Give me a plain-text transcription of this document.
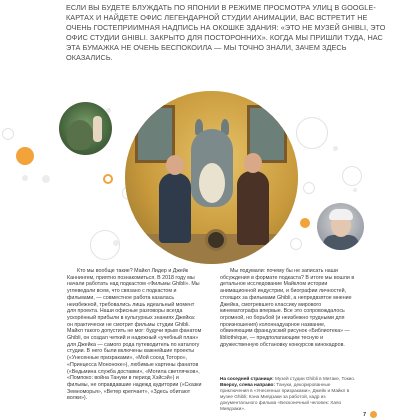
ЕСЛИ ВЫ БУДЕТЕ БЛУЖДАТЬ ПО ЯПОНИИ В РЕЖИМЕ ПРОСМОТРА УЛИЦ В GOOGLE-КАРТАХ И НАЙДЕТЕ ОФИС ЛЕГЕНДАРНОЙ СТУДИИ АНИМАЦИИ, ВАС ВСТРЕТИТ НЕ ОЧЕНЬ ГОСТЕПРИИМНАЯ НАДПИСЬ НА ОКОШКЕ ЗДАНИЯ: «ЭТО НЕ МУЗЕЙ GHIBLI, ЭТО ОФИС СТУДИИ GHIBLI. ЗАКРЫТО ДЛЯ ПОСТОРОННИХ». КОГДА МЫ ПРИШЛИ ТУДА, НАС ЭТА БУМАЖКА НЕ ОЧЕНЬ БЕСПОКОИЛА — МЫ ТОЧНО ЗНАЛИ, ЗАЧЕМ ЗДЕСЬ ОКАЗАЛИСЬ.

Кто мы вообще такие? Майкл Лидер и Джейк Каннингем, приятно познакомиться. В 2018 году мы начали работать над подкастом «Фильмы Ghibli». Мы углеведали всем, что связано с подкастом и фильмами, — совместное работа казалась неизбежной, требовались лишь идеальный момент для проекта. Наши офисные разговоры всегда ускорённый прибыли в культурных знаниях Джейка: он практически не смотрит фильмы студии Ghibli. Майкл такого допустить не мог: будучи ярым фанатом Ghibli, он создал четкий и надежный «учебный план» для Джейка — самого рода путеводитель по каталогу студии. В него были включены важнейшие проекты («Унесенные призраками», «Мой сосед Тоторо», «Принцесса Мононоке»), любимые картины фанатов («Ведьмина служба доставки», «Могила светлячков», «Помпоко: война Тануки в период Хэйсэй») и фильмы, не оправдавшие надежд аудитории («Сказки Земноморья», «Ветер крепчает», «Здесь обитают волки»).

Мы подумали: почему бы не записать наши обсуждения в формате подкаста? В итоге мы вошли в детальное исследование Майклом истории анимационной индустрии, и биографии личностей, стоящих за фильмами Ghibli, а непредвзятое мнение Джейка, смотревшего классику мирового кинематографа впервые. Все это сопровождалось огромной, но борьбой (и неизбежно трудными для произношения) колоннадуарное название, обвиняющим французский рисунок «Библиотека» — libliothèque, — предполагающим тесную и дружественную обстановку конкурсов кинокадров.

На соседней странице: Музей студии Ghibli в Митаке, Токио.
Вверху, слева направо: Тануки, декорированные приключения в «Унесенных призраками», Джейк и Майкл в музее Ghibli; Кэна Миядзаки за работой, кадр из документального фильма «Бесконечный человек: Хаяо Миядзаки».
7
